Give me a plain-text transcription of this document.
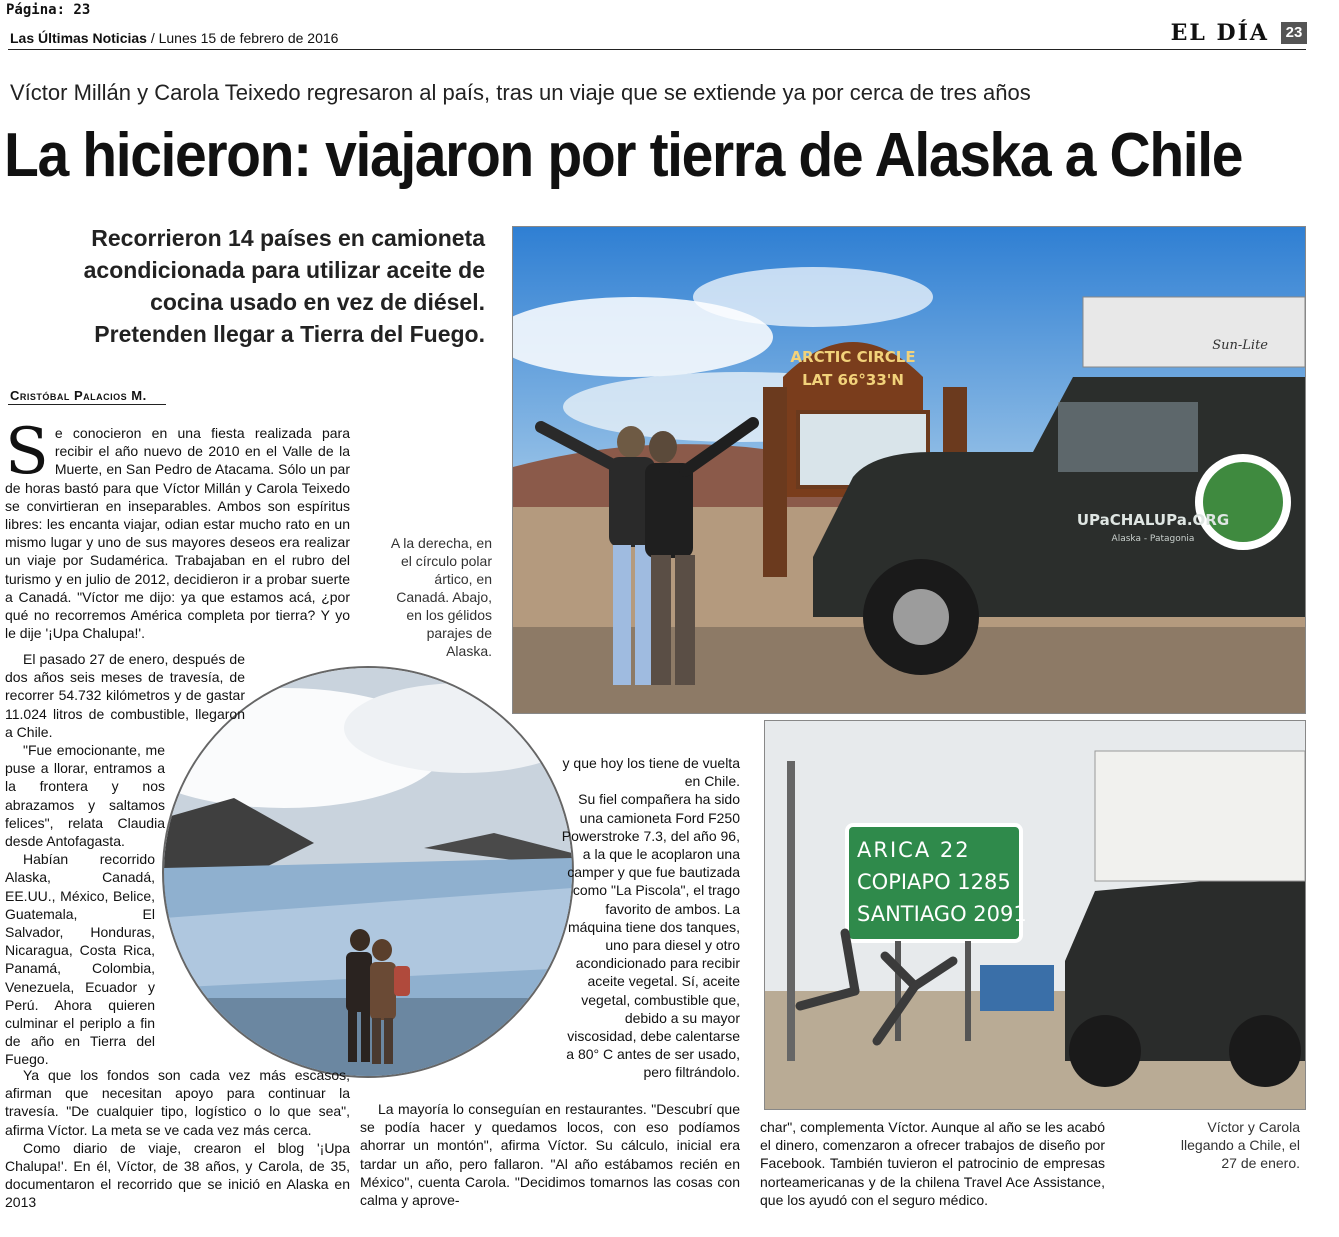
Página: 23
Las Últimas Noticias / Lunes 15 de febrero de 2016	EL DÍA	23
Víctor Millán y Carola Teixedo regresaron al país, tras un viaje que se extiende ya por cerca de tres años
La hicieron: viajaron por tierra de Alaska a Chile
Recorrieron 14 países en camioneta acondicionada para utilizar aceite de cocina usado en vez de diésel. Pretenden llegar a Tierra del Fuego.
Cristóbal Palacios M.
ARCTIC CIRCLE
LAT 66°33'N
Sun-Lite
UPaCHALUPa.ORG
Alaska - Patagonia
A la derecha, en el círculo polar ártico, en Canadá. Abajo, en los gélidos parajes de Alaska.
ARICA 22
COPIAPO 1285
SANTIAGO 2091
Víctor y Carola llegando a Chile, el 27 de enero.
S e conocieron en una fiesta realizada para recibir el año nuevo de 2010 en el Valle de la Muerte, en San Pedro de Atacama. Sólo un par de horas bastó para que Víctor Millán y Carola Teixedo se convirtieran en inseparables. Ambos son espíritus libres: les encanta viajar, odian estar mucho rato en un mismo lugar y uno de sus mayores deseos era realizar un viaje por Sudamérica. Trabajaban en el rubro del turismo y en julio de 2012, decidieron ir a probar suerte a Canadá. "Víctor me dijo: ya que estamos acá, ¿por qué no recorremos América completa por tierra? Y yo le dije '¡Upa Chalupa!'.

El pasado 27 de enero, después de dos años seis meses de travesía, de recorrer 54.732 kilómetros y de gastar 11.024 litros de combustible, llegaron a Chile.

"Fue emocionante, me puse a llorar, entramos a la frontera y nos abrazamos y saltamos felices", relata Claudia desde Antofagasta.

Habían recorrido Alaska, Canadá, EE.UU., México, Belice, Guatemala, El Salvador, Honduras, Nicaragua, Costa Rica, Panamá, Colombia, Venezuela, Ecuador y Perú. Ahora quieren culminar el periplo a fin de año en Tierra del Fuego.

Ya que los fondos son cada vez más escasos, afirman que necesitan apoyo para continuar la travesía. "De cualquier tipo, logístico o lo que sea", afirma Víctor. La meta se ve cada vez más cerca.

Como diario de viaje, crearon el blog '¡Upa Chalupa!'. En él, Víctor, de 38 años, y Carola, de 35, documentaron el recorrido que se inició en Alaska en 2013

y que hoy los tiene de vuelta en Chile.

Su fiel compañera ha sido una camioneta Ford F250 Powerstroke 7.3, del año 96, a la que le acoplaron una camper y que fue bautizada como "La Piscola", el trago favorito de ambos. La máquina tiene dos tanques, uno para diesel y otro acondicionado para recibir aceite vegetal. Sí, aceite vegetal, combustible que, debido a su mayor viscosidad, debe calentarse a 80° C antes de ser usado, pero filtrándolo.

La mayoría lo conseguían en restaurantes. "Descubrí que se podía hacer y quedamos locos, con eso podíamos ahorrar un montón", afirma Víctor. Su cálculo, inicial era tardar un año, pero fallaron. "Al año estábamos recién en México", cuenta Carola. "Decidimos tomarnos las cosas con calma y aprove-

char", complementa Víctor. Aunque al año se les acabó el dinero, comenzaron a ofrecer trabajos de diseño por Facebook. También tuvieron el patrocinio de empresas norteamericanas y de la chilena Travel Ace Assistance, que los ayudó con el seguro médico.
